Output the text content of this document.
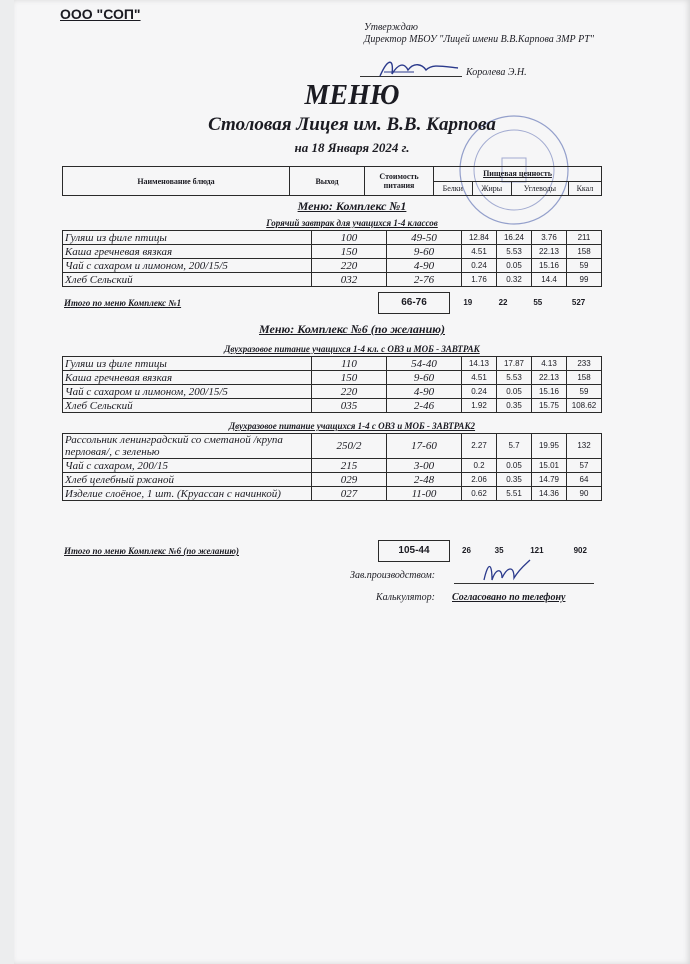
ООО "СОП"
Утверждаю
Директор МБОУ "Лицей имени В.В.Карпова ЗМР РТ"
Королева Э.Н.
МЕНЮ
Столовая Лицея им. В.В. Карпова
на 18 Января 2024 г.
Наименование блюда	Выход	Стоимость питания	Пищевая ценность			
			Белки	Жиры	Углеводы	Ккал
Меню: Комплекс №1
Горячий завтрак для учащихся 1-4 классов
Гуляш из филе птицы	100	49-50	12.84	16.24	3.76	211
Каша гречневая вязкая	150	9-60	4.51	5.53	22.13	158
Чай с сахаром и лимоном, 200/15/5	220	4-90	0.24	0.05	15.16	59
Хлеб Сельский	032	2-76	1.76	0.32	14.4	99
Итого по меню Комплекс №1		66-76	19	22	55	527
Меню: Комплекс №6 (по желанию)
Двухразовое питание учащихся 1-4 кл. с ОВЗ и МОБ - ЗАВТРАК
Гуляш из филе птицы	110	54-40	14.13	17.87	4.13	233
Каша гречневая вязкая	150	9-60	4.51	5.53	22.13	158
Чай с сахаром и лимоном, 200/15/5	220	4-90	0.24	0.05	15.16	59
Хлеб Сельский	035	2-46	1.92	0.35	15.75	108.62
Двухразовое питание учащихся 1-4 с ОВЗ и МОБ - ЗАВТРАК2
Рассольник ленинградский со сметаной /крупа перловая/, с зеленью	250/2	17-60	2.27	5.7	19.95	132
Чай с сахаром, 200/15	215	3-00	0.2	0.05	15.01	57
Хлеб целебный ржаной	029	2-48	2.06	0.35	14.79	64
Изделие слоёное, 1 шт. (Круассан с начинкой)	027	11-00	0.62	5.51	14.36	90
Итого по меню Комплекс №6 (по желанию)		105-44	26	35	121	902
Зав.производством:
Калькулятор: Согласовано по телефону
